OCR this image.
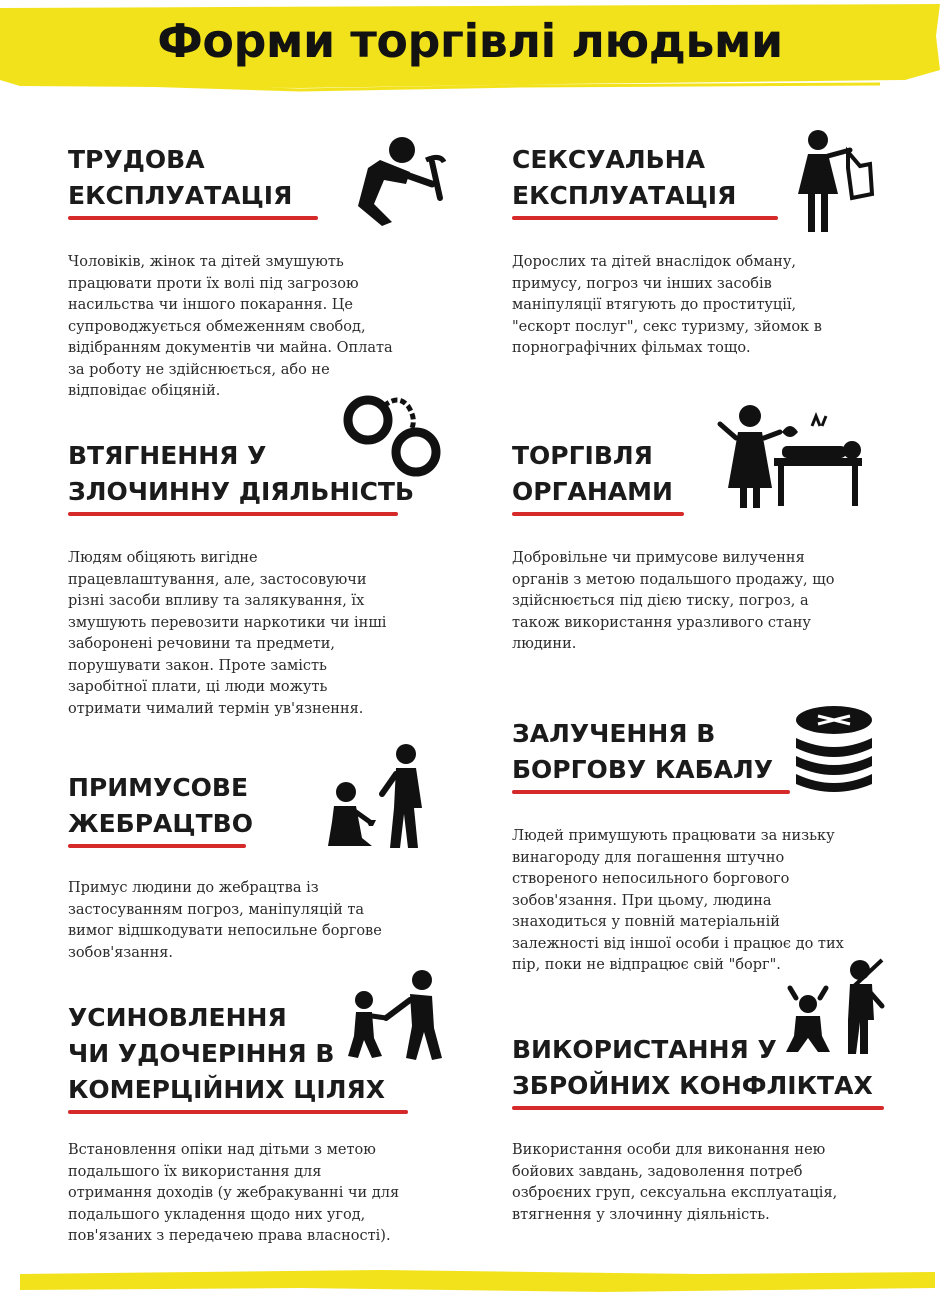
Форми торгівлі людьми
ТРУДОВА
ЕКСПЛУАТАЦІЯ

Чоловіків, жінок та дітей змушують
працювати проти їх волі під загрозою
насильства чи іншого покарання. Це
супроводжується обмеженням свобод,
відібранням документів чи майна. Оплата
за роботу не здійснюється, або не
відповідає обіцяній.

СЕКСУАЛЬНА
ЕКСПЛУАТАЦІЯ

Дорослих та дітей внаслідок обману,
примусу, погроз чи інших засобів
маніпуляції втягують до проституції,
"ескорт послуг", секс туризму, зйомок в
порнографічних фільмах тощо.

ВТЯГНЕННЯ У
ЗЛОЧИННУ ДІЯЛЬНІСТЬ

Людям обіцяють вигідне
працевлаштування, але, застосовуючи
різні засоби впливу та залякування, їх
змушують перевозити наркотики чи інші
заборонені речовини та предмети,
порушувати закон. Проте замість
заробітної плати, ці люди можуть
отримати чималий термін ув'язнення.

ТОРГІВЛЯ
ОРГАНАМИ

Добровільне чи примусове вилучення
органів з метою подальшого продажу, що
здійснюється під дією тиску, погроз, а
також використання уразливого стану
людини.

ЗАЛУЧЕННЯ В
БОРГОВУ КАБАЛУ

Людей примушують працювати за низьку
винагороду для погашення штучно
створеного непосильного боргового
зобов'язання. При цьому, людина
знаходиться у повній матеріальній
залежності від іншої особи і працює до тих
пір, поки не відпрацює свій "борг".

ПРИМУСОВЕ
ЖЕБРАЦТВО

Примус людини до жебрацтва із
застосуванням погроз, маніпуляцій та
вимог відшкодувати непосильне боргове
зобов'язання.

УСИНОВЛЕННЯ
ЧИ УДОЧЕРІННЯ В
КОМЕРЦІЙНИХ ЦІЛЯХ

Встановлення опіки над дітьми з метою
подальшого їх використання для
отримання доходів (у жебракуванні чи для
подальшого укладення щодо них угод,
пов'язаних з передачею права власності).

ВИКОРИСТАННЯ У
ЗБРОЙНИХ КОНФЛІКТАХ

Використання особи для виконання нею
бойових завдань, задоволення потреб
озброєних груп, сексуальна експлуатація,
втягнення у злочинну діяльність.
